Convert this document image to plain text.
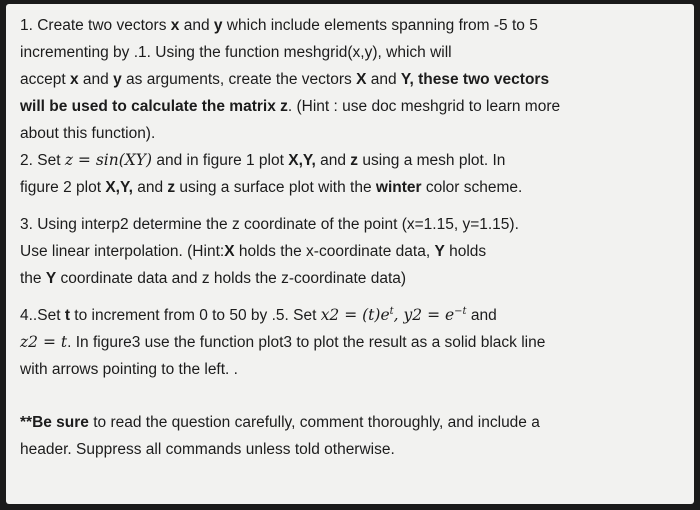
1. Create two vectors x and y which include elements spanning from -5 to 5
incrementing by .1. Using the function meshgrid(x,y), which will
accept x and y as arguments, create the vectors X and Y, these two vectors
will be used to calculate the matrix z. (Hint : use doc meshgrid to learn more
about this function).
2. Set z = sin(XY) and in figure 1 plot X,Y, and z using a mesh plot. In
figure 2 plot X,Y, and z using a surface plot with the winter color scheme.
3. Using interp2 determine the z coordinate of the point (x=1.15, y=1.15).
Use linear interpolation. (Hint:X holds the x-coordinate data, Y holds
the Y coordinate data and z holds the z-coordinate data)
4..Set t to increment from 0 to 50 by .5. Set $x2 = (t)e^t$, $y2 = e^{-t}$ and
z2 = t. In figure3 use the function plot3 to plot the result as a solid black line
with arrows pointing to the left. .
**Be sure to read the question carefully, comment thoroughly, and include a
header. Suppress all commands unless told otherwise.
